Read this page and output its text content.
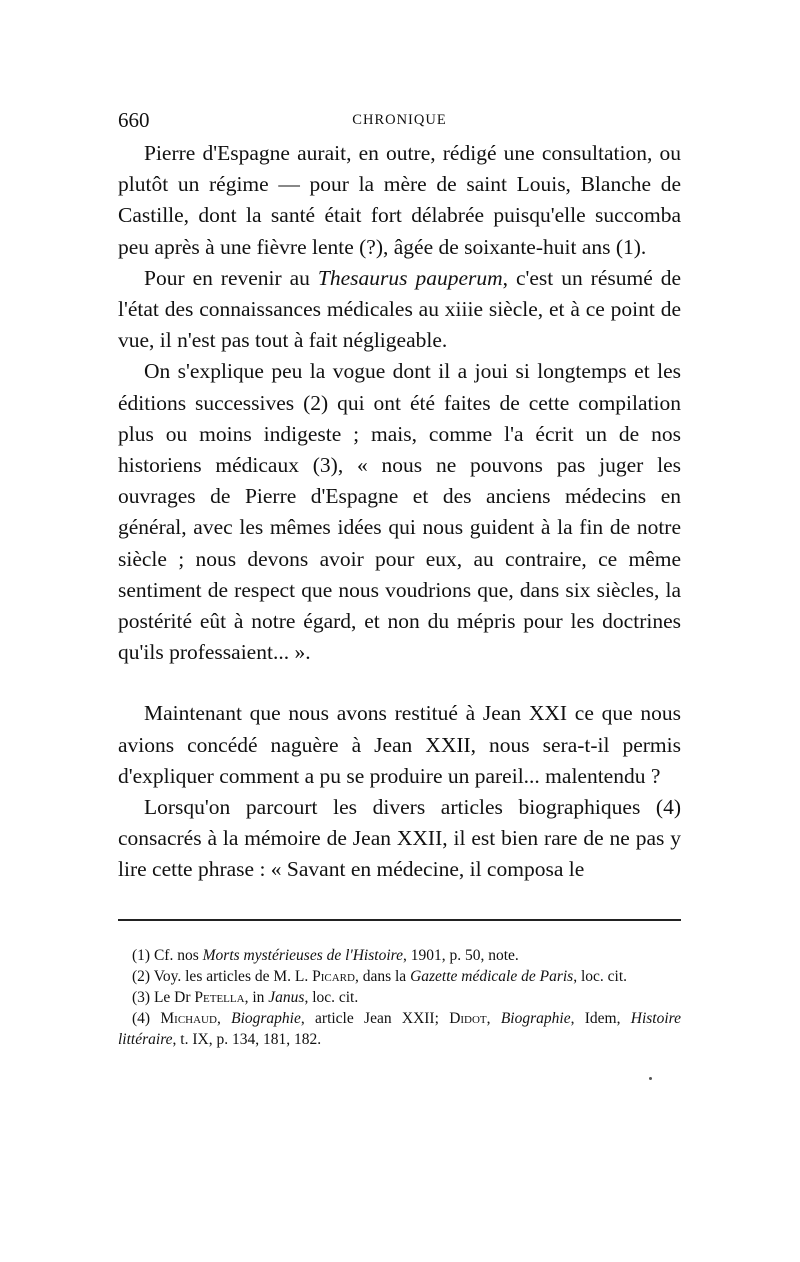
660	CHRONIQUE

Pierre d'Espagne aurait, en outre, rédigé une consultation, ou plutôt un régime — pour la mère de saint Louis, Blanche de Castille, dont la santé était fort délabrée puisqu'elle succomba peu après à une fièvre lente (?), âgée de soixante-huit ans (1).

Pour en revenir au Thesaurus pauperum, c'est un résumé de l'état des connaissances médicales au xiiie siècle, et à ce point de vue, il n'est pas tout à fait négligeable.

On s'explique peu la vogue dont il a joui si longtemps et les éditions successives (2) qui ont été faites de cette compilation plus ou moins indigeste ; mais, comme l'a écrit un de nos historiens médicaux (3), « nous ne pouvons pas juger les ouvrages de Pierre d'Espagne et des anciens médecins en général, avec les mêmes idées qui nous guident à la fin de notre siècle ; nous devons avoir pour eux, au contraire, ce même sentiment de respect que nous voudrions que, dans six siècles, la postérité eût à notre égard, et non du mépris pour les doctrines qu'ils professaient... ».

Maintenant que nous avons restitué à Jean XXI ce que nous avions concédé naguère à Jean XXII, nous sera-t-il permis d'expliquer comment a pu se produire un pareil... malentendu ?

Lorsqu'on parcourt les divers articles biographiques (4) consacrés à la mémoire de Jean XXII, il est bien rare de ne pas y lire cette phrase : « Savant en médecine, il composa le

(1) Cf. nos Morts mystérieuses de l'Histoire, 1901, p. 50, note.

(2) Voy. les articles de M. L. Picard, dans la Gazette médicale de Paris, loc. cit.

(3) Le Dr Petella, in Janus, loc. cit.

(4) Michaud, Biographie, article Jean XXII; Didot, Biographie, Idem, Histoire littéraire, t. IX, p. 134, 181, 182.
